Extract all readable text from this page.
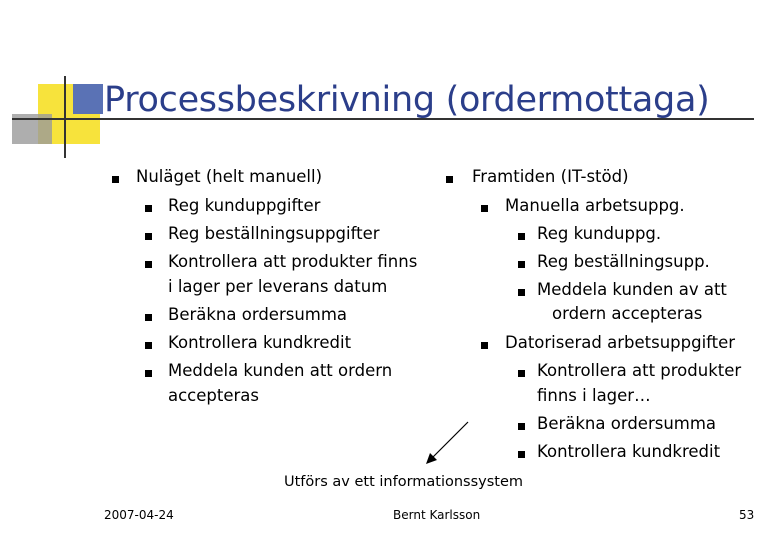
Processbeskrivning (ordermottaga)
Nuläget (helt manuell)
Reg kunduppgifter
Reg beställningsuppgifter
Kontrollera att produkter finns
i lager per leverans datum
Beräkna ordersumma
Kontrollera kundkredit
Meddela kunden att ordern
accepteras
Framtiden (IT-stöd)
Manuella arbetsuppg.
Reg kunduppg.
Reg beställningsupp.
Meddela kunden av att
ordern accepteras
Datoriserad arbetsuppgifter
Kontrollera att produkter
finns i lager…
Beräkna ordersumma
Kontrollera kundkredit
Utförs av ett informationssystem
2007-04-24	Bernt Karlsson	53
